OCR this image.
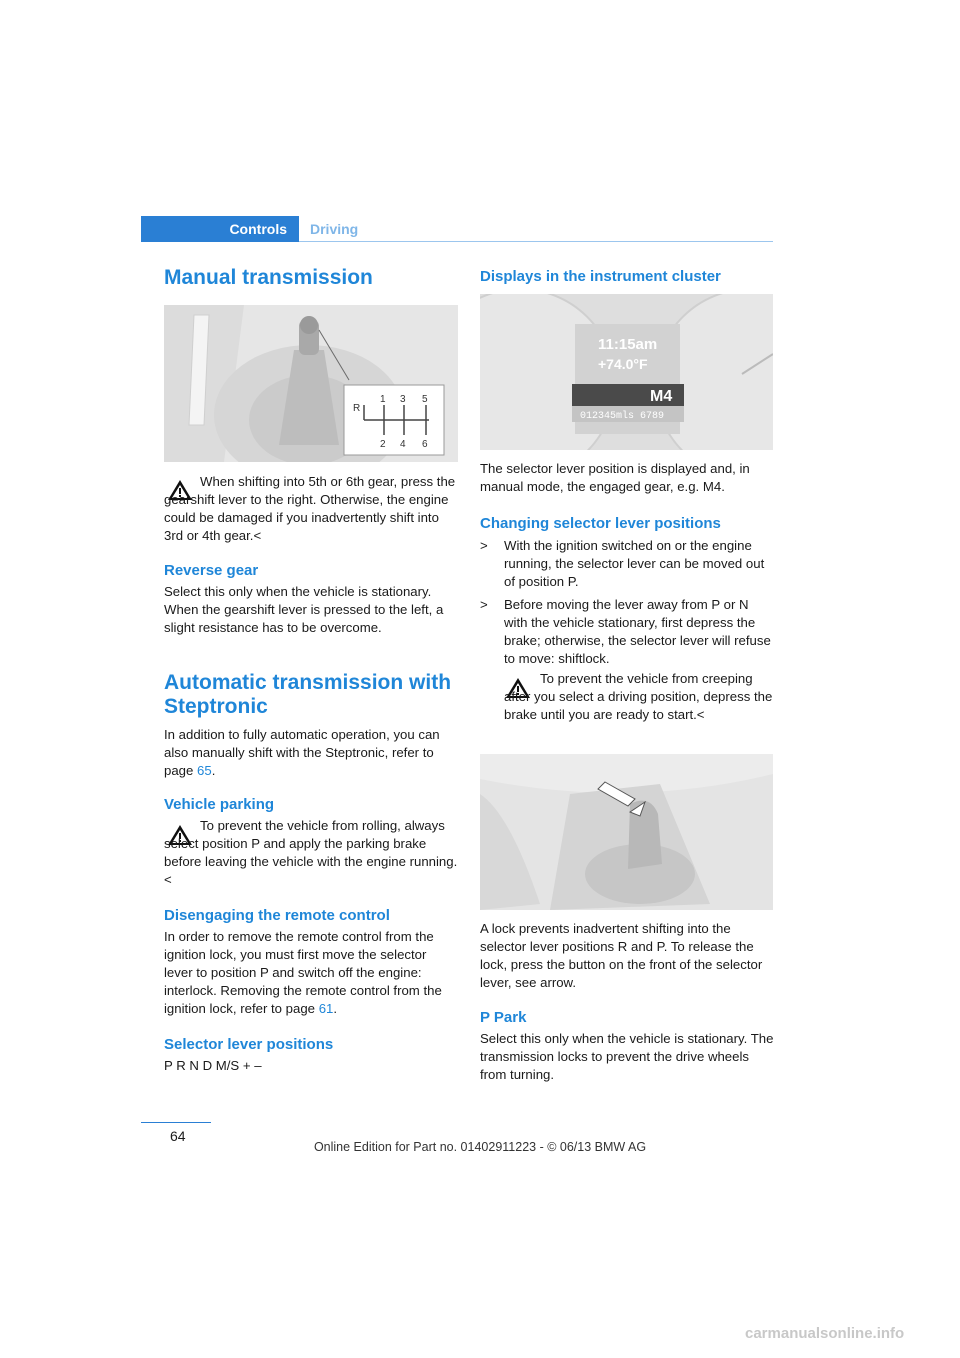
Controls	Driving
Manual transmission
R
1 3 5
2 4 6

When shifting into 5th or 6th gear, press the gearshift lever to the right. Otherwise, the engine could be damaged if you inadvertently shift into 3rd or 4th gear.<

Reverse gear

Select this only when the vehicle is stationary. When the gearshift lever is pressed to the left, a slight resistance has to be overcome.

Automatic transmission with
Steptronic

In addition to fully automatic operation, you can also manually shift with the Steptronic, refer to page 65.

Vehicle parking

To prevent the vehicle from rolling, always select position P and apply the parking brake before leaving the vehicle with the engine running.<

Disengaging the remote control

In order to remove the remote control from the ignition lock, you must first move the selector lever to position P and switch off the engine: interlock. Removing the remote control from the ignition lock, refer to page 61.

Selector lever positions

P R N D M/S + –

Displays in the instrument cluster
11:15am
+74.0°F
M4
012345mls 6789

The selector lever position is displayed and, in manual mode, the engaged gear, e.g. M4.

Changing selector lever positions
> With the ignition switched on or the engine running, the selector lever can be moved out of position P.
> Before moving the lever away from P or N with the vehicle stationary, first depress the brake; otherwise, the selector lever will refuse to move: shiftlock.

To prevent the vehicle from creeping after you select a driving position, depress the brake until you are ready to start.<

A lock prevents inadvertent shifting into the selector lever positions R and P. To release the lock, press the button on the front of the selector lever, see arrow.

P Park

Select this only when the vehicle is stationary. The transmission locks to prevent the drive wheels from turning.

64
Online Edition for Part no. 01402911223 - © 06/13 BMW AG
carmanualsonline.info
